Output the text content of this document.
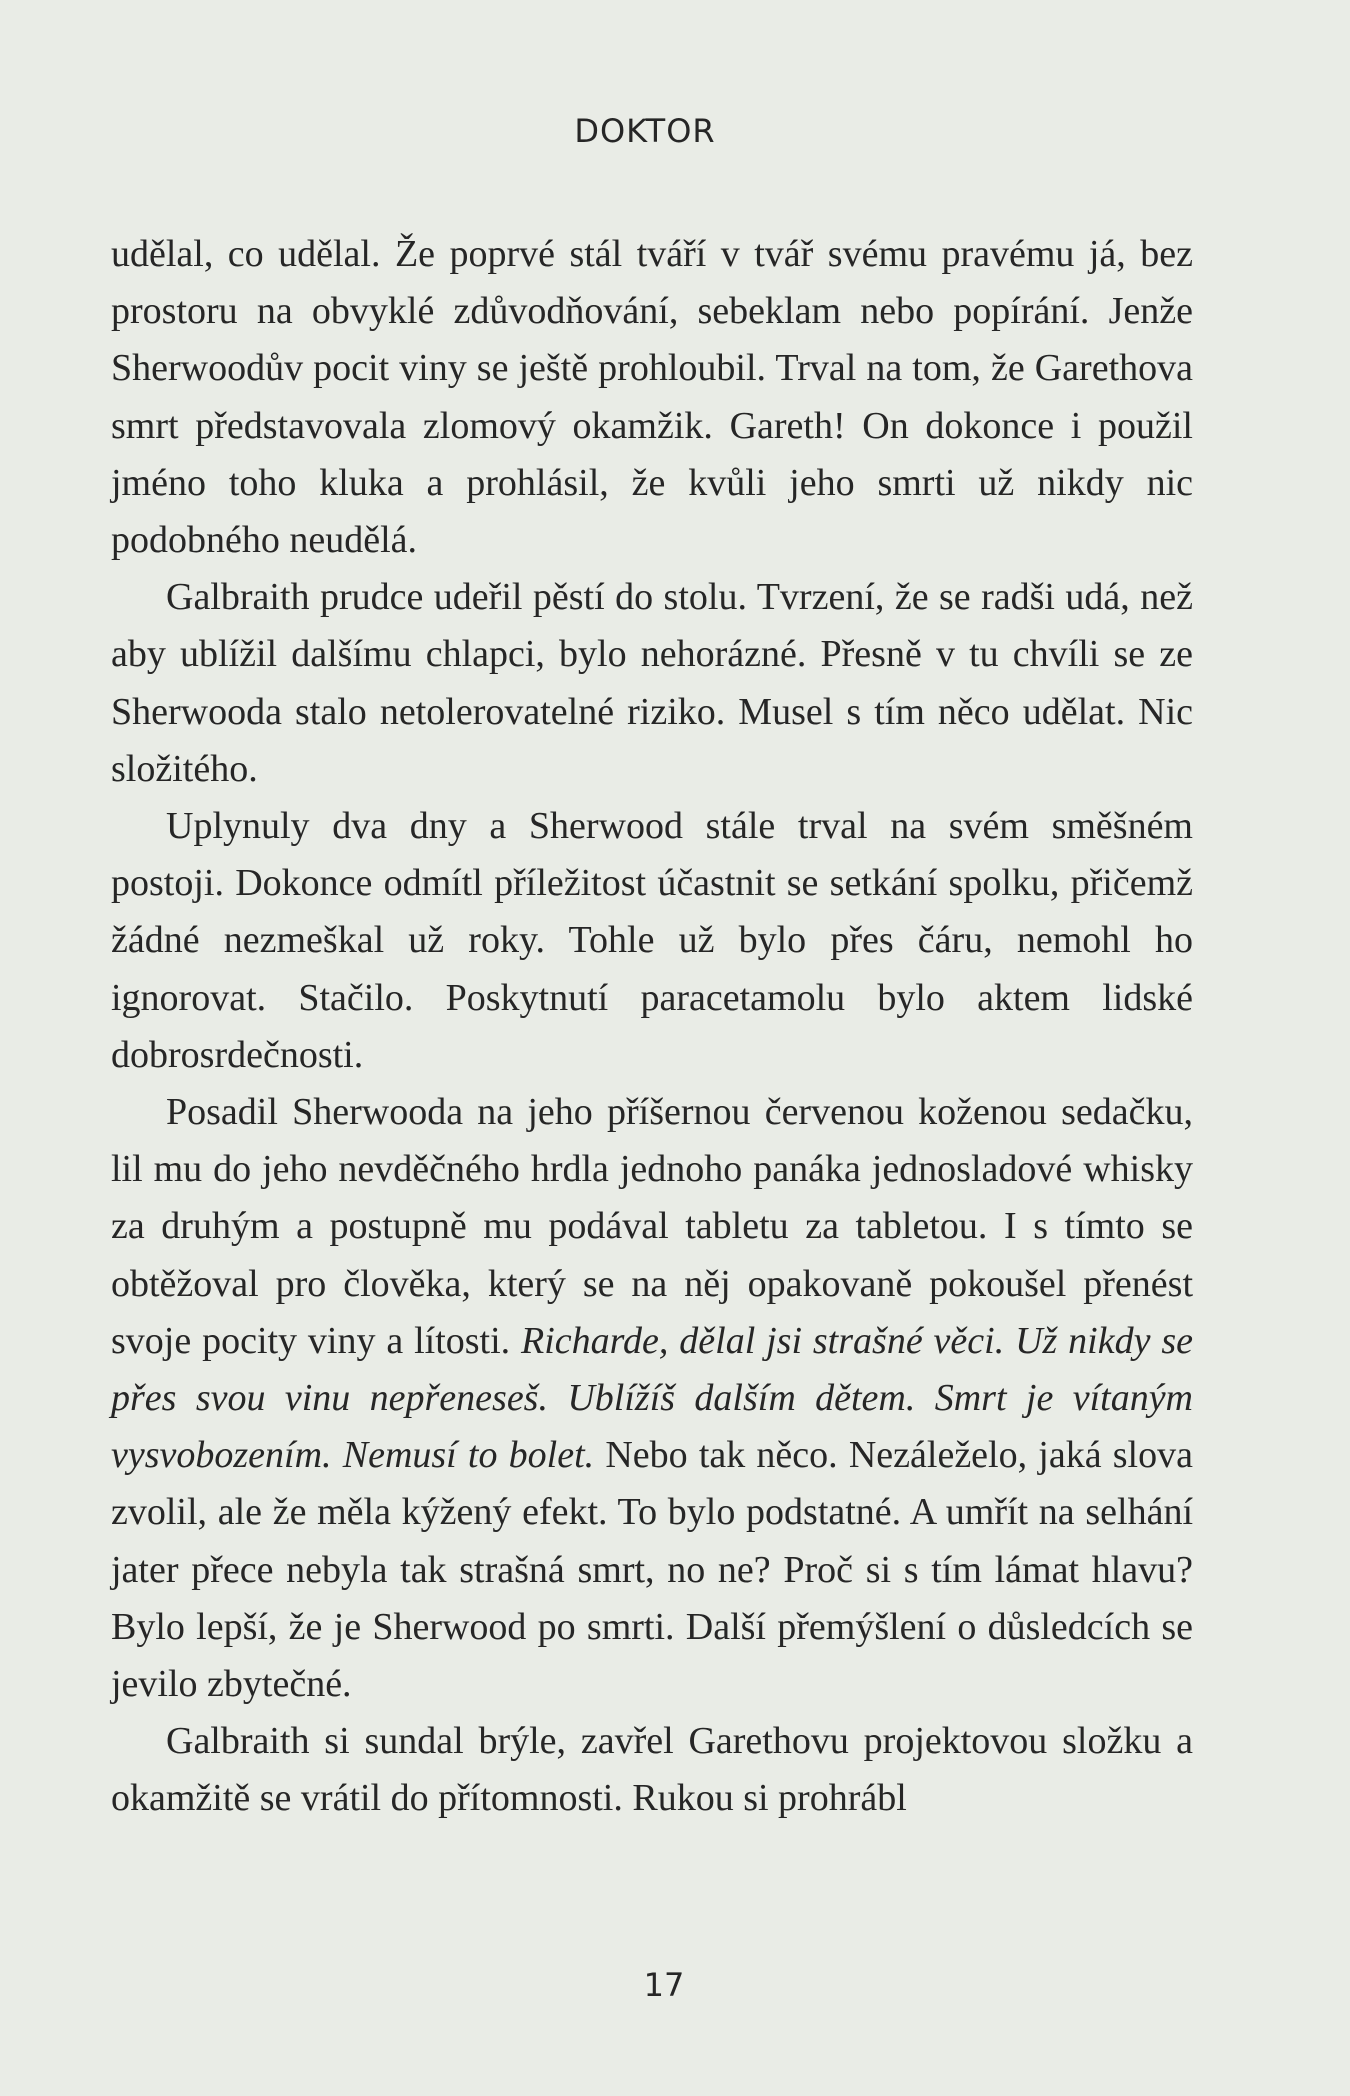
DOKTOR

udělal, co udělal. Že poprvé stál tváří v tvář svému pravému já, bez prostoru na obvyklé zdůvodňování, sebeklam nebo popírání. Jenže Sherwoodův pocit viny se ještě prohloubil. Trval na tom, že Garethova smrt představovala zlomový okamžik. Gareth! On dokonce i použil jméno toho kluka a prohlásil, že kvůli jeho smrti už nikdy nic podobného neudělá.

Galbraith prudce udeřil pěstí do stolu. Tvrzení, že se radši udá, než aby ublížil dalšímu chlapci, bylo nehorázné. Přesně v tu chvíli se ze Sherwooda stalo netolerovatelné riziko. Musel s tím něco udělat. Nic složitého.

Uplynuly dva dny a Sherwood stále trval na svém směšném postoji. Dokonce odmítl příležitost účastnit se setkání spolku, přičemž žádné nezmeškal už roky. Tohle už bylo přes čáru, nemohl ho ignorovat. Stačilo. Poskytnutí paracetamolu bylo aktem lidské dobrosrdečnosti.

Posadil Sherwooda na jeho příšernou červenou koženou sedačku, lil mu do jeho nevděčného hrdla jednoho panáka jednosladové whisky za druhým a postupně mu podával tabletu za tabletou. I s tímto se obtěžoval pro člověka, který se na něj opakovaně pokoušel přenést svoje pocity viny a lítosti. Richarde, dělal jsi strašné věci. Už nikdy se přes svou vinu nepřeneseš. Ublížíš dalším dětem. Smrt je vítaným vysvobozením. Nemusí to bolet. Nebo tak něco. Nezáleželo, jaká slova zvolil, ale že měla kýžený efekt. To bylo podstatné. A umřít na selhání jater přece nebyla tak strašná smrt, no ne? Proč si s tím lámat hlavu? Bylo lepší, že je Sherwood po smrti. Další přemýšlení o důsledcích se jevilo zbytečné.

Galbraith si sundal brýle, zavřel Garethovu projektovou složku a okamžitě se vrátil do přítomnosti. Rukou si prohrábl

17
